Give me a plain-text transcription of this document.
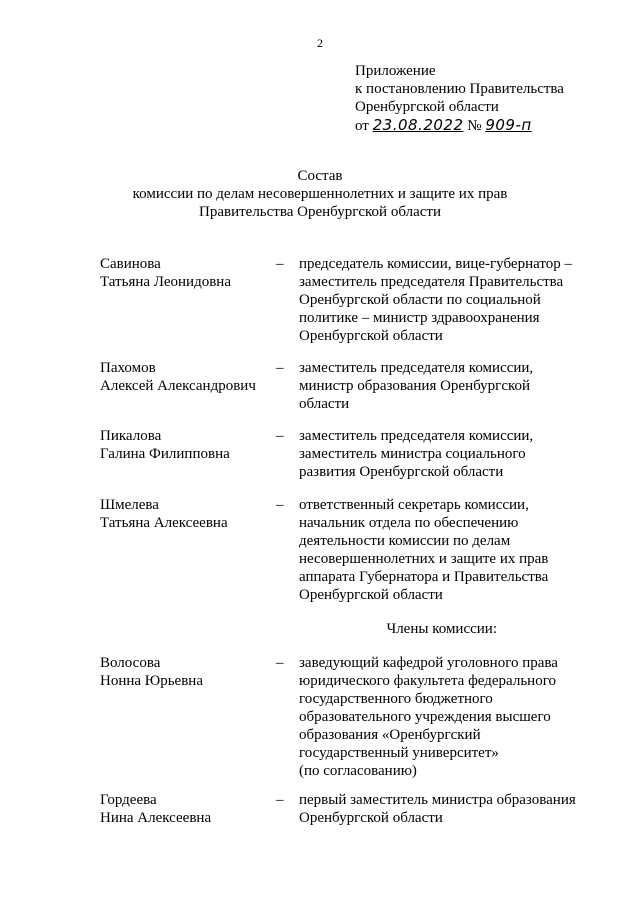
2
Приложение
к постановлению Правительства
Оренбургской области
от 23.08.2022 № 909-п
Состав
комиссии по делам несовершеннолетних и защите их прав
Правительства Оренбургской области
Савинова
Татьяна Леонидовна
– председатель комиссии, вице-губернатор –
заместитель председателя Правительства
Оренбургской области по социальной
политике – министр здравоохранения
Оренбургской области
Пахомов
Алексей Александрович
– заместитель председателя комиссии,
министр образования Оренбургской
области
Пикалова
Галина Филипповна
– заместитель председателя комиссии,
заместитель министра социального
развития Оренбургской области
Шмелева
Татьяна Алексеевна
– ответственный секретарь комиссии,
начальник отдела по обеспечению
деятельности комиссии по делам
несовершеннолетних и защите их прав
аппарата Губернатора и Правительства
Оренбургской области
Члены комиссии:
Волосова
Нонна Юрьевна
– заведующий кафедрой уголовного права
юридического факультета федерального
государственного бюджетного
образовательного учреждения высшего
образования «Оренбургский
государственный университет»
(по согласованию)
Гордеева
Нина Алексеевна
– первый заместитель министра образования
Оренбургской области
